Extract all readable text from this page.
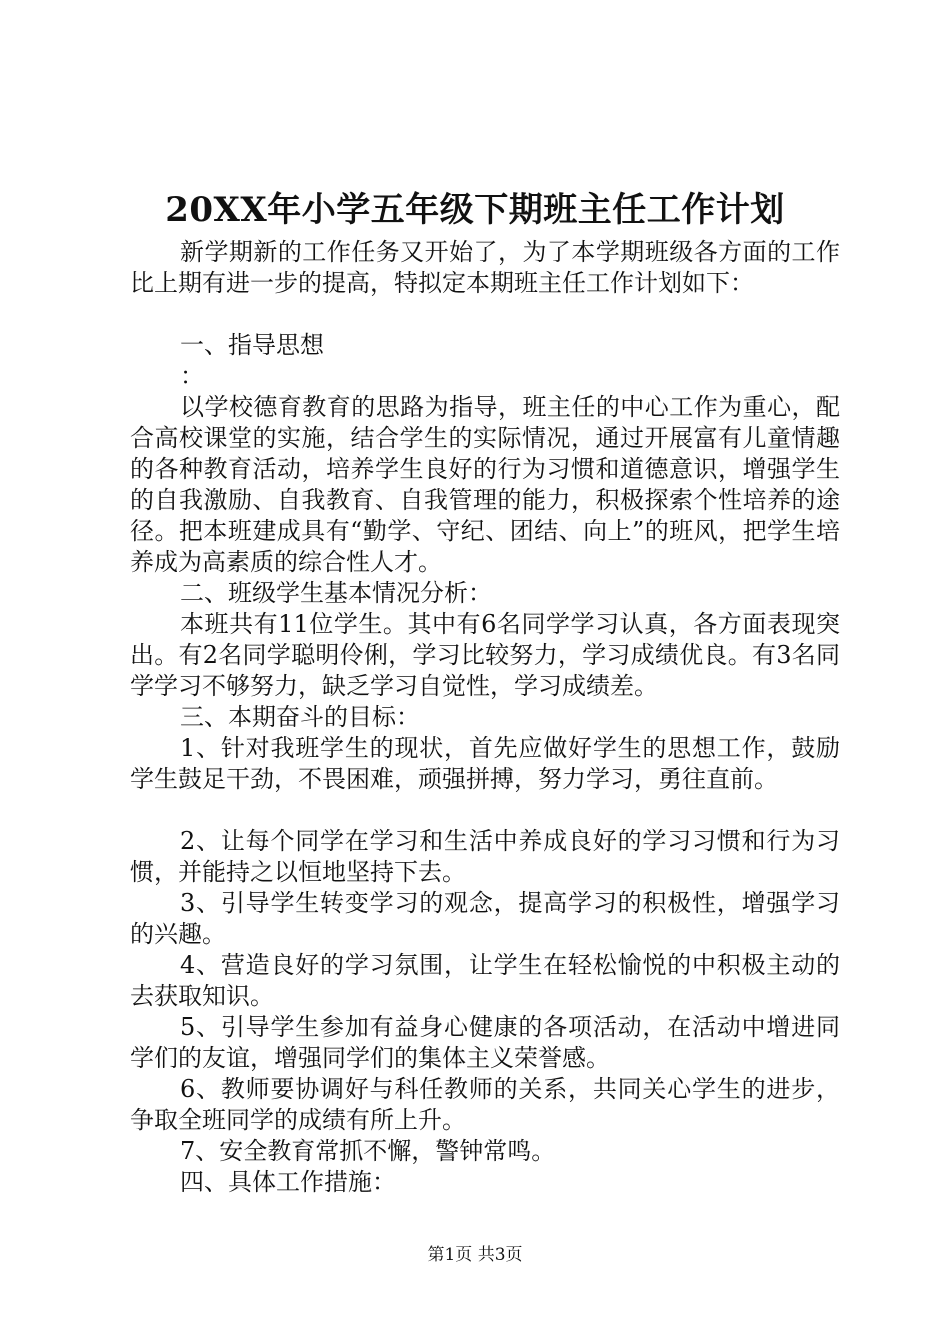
20XX年小学五年级下期班主任工作计划

新学期新的工作任务又开始了，为了本学期班级各方面的工作比上期有进一步的提高，特拟定本期班主任工作计划如下：

一、指导思想

：

以学校德育教育的思路为指导，班主任的中心工作为重心，配合高校课堂的实施，结合学生的实际情况，通过开展富有儿童情趣的各种教育活动，培养学生良好的行为习惯和道德意识，增强学生的自我激励、自我教育、自我管理的能力，积极探索个性培养的途径。把本班建成具有“勤学、守纪、团结、向上”的班风，把学生培养成为高素质的综合性人才。

二、班级学生基本情况分析：

本班共有11位学生。其中有6名同学学习认真，各方面表现突出。有2名同学聪明伶俐，学习比较努力，学习成绩优良。有3名同学学习不够努力，缺乏学习自觉性，学习成绩差。

三、本期奋斗的目标：

1、针对我班学生的现状，首先应做好学生的思想工作，鼓励学生鼓足干劲，不畏困难，顽强拼搏，努力学习，勇往直前。

2、让每个同学在学习和生活中养成良好的学习习惯和行为习惯，并能持之以恒地坚持下去。

3、引导学生转变学习的观念，提高学习的积极性，增强学习的兴趣。

4、营造良好的学习氛围，让学生在轻松愉悦的中积极主动的去获取知识。

5、引导学生参加有益身心健康的各项活动，在活动中增进同学们的友谊，增强同学们的集体主义荣誉感。

6、教师要协调好与科任教师的关系，共同关心学生的进步，争取全班同学的成绩有所上升。

7、安全教育常抓不懈，警钟常鸣。

四、具体工作措施：

第1页 共3页
